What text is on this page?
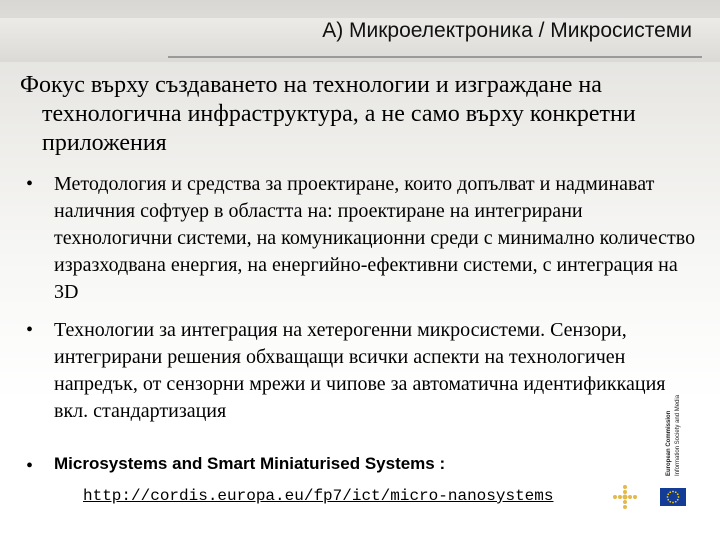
А) Микроелектроника / Микросистеми
Фокус върху създаването на технологии и изграждане на технологична инфраструктура, а не само върху конкретни приложения
• Методология и средства за проектиране, които допълват и надминават наличния софтуер в областта на: проектиране на интегрирани технологични системи, на комуникационни среди с минимално количество изразходвана енергия, на енергийно-ефективни системи, с интеграция на 3D
• Технологии за интеграция на хетерогенни микросистеми. Сензори, интегрирани решения обхващащи всички аспекти на технологичен напредък, от сензорни мрежи и чипове за автоматична идентификкация вкл. стандартизация
• Microsystems and Smart Miniaturised Systems :
http://cordis.europa.eu/fp7/ict/micro-nanosystems
European Commission Information Society and Media
